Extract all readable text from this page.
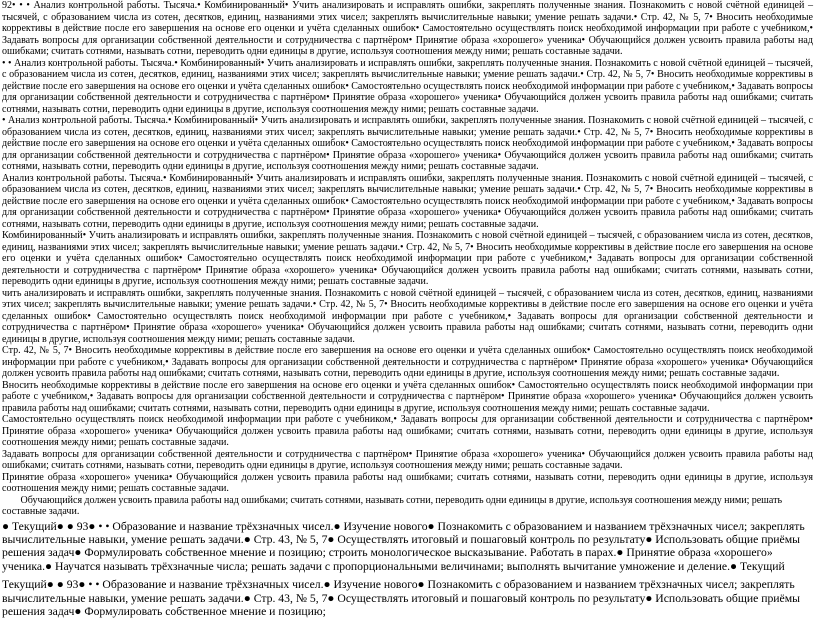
92• • • Анализ контрольной работы. Тысяча.• Комбинированный• Учить анализировать и исправлять ошибки, закреплять полученные знания. Познакомить с новой счётной единицей – тысячей, с образованием числа из сотен, десятков, единиц, названиями этих чисел; закреплять вычислительные навыки; умение решать задачи.• Стр. 42, № 5, 7• Вносить необходимые коррективы в действие после его завершения на основе его оценки и учёта сделанных ошибок• Самостоятельно осуществлять поиск необходимой информации при работе с учебником,• Задавать вопросы для организации собственной деятельности и сотрудничества с партнёром• Принятие образа «хорошего» ученика• Обучающийся должен усвоить правила работы над ошибками; считать сотнями, называть сотни, переводить одни единицы в другие, используя соотношения между ними; решать составные задачи.

• • Анализ контрольной работы. Тысяча.• Комбинированный• Учить анализировать и исправлять ошибки, закреплять полученные знания. Познакомить с новой счётной единицей – тысячей, с образованием числа из сотен, десятков, единиц, названиями этих чисел; закреплять вычислительные навыки; умение решать задачи.• Стр. 42, № 5, 7• Вносить необходимые коррективы в действие после его завершения на основе его оценки и учёта сделанных ошибок• Самостоятельно осуществлять поиск необходимой информации при работе с учебником,• Задавать вопросы для организации собственной деятельности и сотрудничества с партнёром• Принятие образа «хорошего» ученика• Обучающийся должен усвоить правила работы над ошибками; считать сотнями, называть сотни, переводить одни единицы в другие, используя соотношения между ними; решать составные задачи.

• Анализ контрольной работы. Тысяча.• Комбинированный• Учить анализировать и исправлять ошибки, закреплять полученные знания. Познакомить с новой счётной единицей – тысячей, с образованием числа из сотен, десятков, единиц, названиями этих чисел; закреплять вычислительные навыки; умение решать задачи.• Стр. 42, № 5, 7• Вносить необходимые коррективы в действие после его завершения на основе его оценки и учёта сделанных ошибок• Самостоятельно осуществлять поиск необходимой информации при работе с учебником,• Задавать вопросы для организации собственной деятельности и сотрудничества с партнёром• Принятие образа «хорошего» ученика• Обучающийся должен усвоить правила работы над ошибками; считать сотнями, называть сотни, переводить одни единицы в другие, используя соотношения между ними; решать составные задачи.

Анализ контрольной работы. Тысяча.• Комбинированный• Учить анализировать и исправлять ошибки, закреплять полученные знания. Познакомить с новой счётной единицей – тысячей, с образованием числа из сотен, десятков, единиц, названиями этих чисел; закреплять вычислительные навыки; умение решать задачи.• Стр. 42, № 5, 7• Вносить необходимые коррективы в действие после его завершения на основе его оценки и учёта сделанных ошибок• Самостоятельно осуществлять поиск необходимой информации при работе с учебником,• Задавать вопросы для организации собственной деятельности и сотрудничества с партнёром• Принятие образа «хорошего» ученика• Обучающийся должен усвоить правила работы над ошибками; считать сотнями, называть сотни, переводить одни единицы в другие, используя соотношения между ними; решать составные задачи.

Комбинированный• Учить анализировать и исправлять ошибки, закреплять полученные знания. Познакомить с новой счётной единицей – тысячей, с образованием числа из сотен, десятков, единиц, названиями этих чисел; закреплять вычислительные навыки; умение решать задачи.• Стр. 42, № 5, 7• Вносить необходимые коррективы в действие после его завершения на основе его оценки и учёта сделанных ошибок• Самостоятельно осуществлять поиск необходимой информации при работе с учебником,• Задавать вопросы для организации собственной деятельности и сотрудничества с партнёром• Принятие образа «хорошего» ученика• Обучающийся должен усвоить правила работы над ошибками; считать сотнями, называть сотни, переводить одни единицы в другие, используя соотношения между ними; решать составные задачи.

чить анализировать и исправлять ошибки, закреплять полученные знания. Познакомить с новой счётной единицей – тысячей, с образованием числа из сотен, десятков, единиц, названиями этих чисел; закреплять вычислительные навыки; умение решать задачи.• Стр. 42, № 5, 7• Вносить необходимые коррективы в действие после его завершения на основе его оценки и учёта сделанных ошибок• Самостоятельно осуществлять поиск необходимой информации при работе с учебником,• Задавать вопросы для организации собственной деятельности и сотрудничества с партнёром• Принятие образа «хорошего» ученика• Обучающийся должен усвоить правила работы над ошибками; считать сотнями, называть сотни, переводить одни единицы в другие, используя соотношения между ними; решать составные задачи.

Стр. 42, № 5, 7• Вносить необходимые коррективы в действие после его завершения на основе его оценки и учёта сделанных ошибок• Самостоятельно осуществлять поиск необходимой информации при работе с учебником,• Задавать вопросы для организации собственной деятельности и сотрудничества с партнёром• Принятие образа «хорошего» ученика• Обучающийся должен усвоить правила работы над ошибками; считать сотнями, называть сотни, переводить одни единицы в другие, используя соотношения между ними; решать составные задачи.

Вносить необходимые коррективы в действие после его завершения на основе его оценки и учёта сделанных ошибок• Самостоятельно осуществлять поиск необходимой информации при работе с учебником,• Задавать вопросы для организации собственной деятельности и сотрудничества с партнёром• Принятие образа «хорошего» ученика• Обучающийся должен усвоить правила работы над ошибками; считать сотнями, называть сотни, переводить одни единицы в другие, используя соотношения между ними; решать составные задачи.

Самостоятельно осуществлять поиск необходимой информации при работе с учебником,• Задавать вопросы для организации собственной деятельности и сотрудничества с партнёром• Принятие образа «хорошего» ученика• Обучающийся должен усвоить правила работы над ошибками; считать сотнями, называть сотни, переводить одни единицы в другие, используя соотношения между ними; решать составные задачи.

Задавать вопросы для организации собственной деятельности и сотрудничества с партнёром• Принятие образа «хорошего» ученика• Обучающийся должен усвоить правила работы над ошибками; считать сотнями, называть сотни, переводить одни единицы в другие, используя соотношения между ними; решать составные задачи.

Принятие образа «хорошего» ученика• Обучающийся должен усвоить правила работы над ошибками; считать сотнями, называть сотни, переводить одни единицы в другие, используя соотношения между ними; решать составные задачи.

Обучающийся должен усвоить правила работы над ошибками; считать сотнями, называть сотни, переводить одни единицы в другие, используя соотношения между ними; решать составные задачи.

● Текущий● ● 93● • • Образование и название трёхзначных чисел.● Изучение нового● Познакомить с образованием и названием трёхзначных чисел; закреплять вычислительные навыки, умение решать задачи.● Стр. 43, № 5, 7● Осуществлять итоговый и пошаговый контроль по результату● Использовать общие приёмы решения задач● Формулировать собственное мнение и позицию; строить монологическое высказывание. Работать в парах.● Принятие образа «хорошего» ученика.● Научатся называть трёхзначные числа; решать задачи с пропорциональными величинами; выполнять вычитание умножение и деление.● Текущий

Текущий● ● 93● • • Образование и название трёхзначных чисел.● Изучение нового● Познакомить с образованием и названием трёхзначных чисел; закреплять вычислительные навыки, умение решать задачи.● Стр. 43, № 5, 7● Осуществлять итоговый и пошаговый контроль по результату● Использовать общие приёмы решения задач● Формулировать собственное мнение и позицию;
